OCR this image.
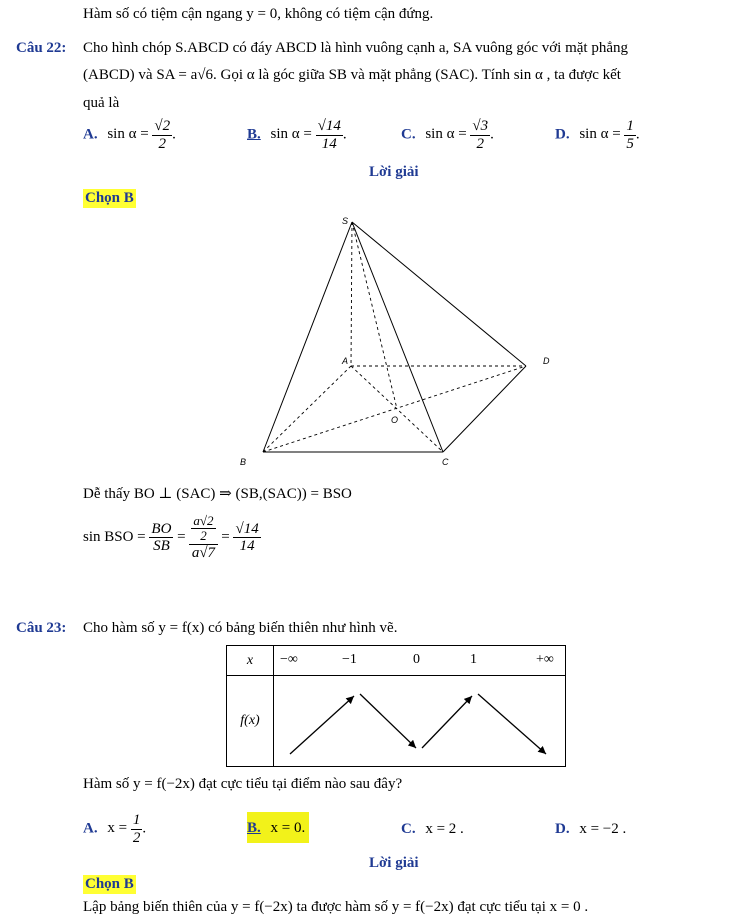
Hàm số có tiệm cận ngang y = 0, không có tiệm cận đứng.
Câu 22: Cho hình chóp S.ABCD có đáy ABCD là hình vuông cạnh a, SA vuông góc với mặt phẳng
(ABCD) và SA = a√6. Gọi α là góc giữa SB và mặt phẳng (SAC). Tính sin α , ta được kết
quả là
A. $\sin \alpha = \frac{√2}{2}$ .	B. $\sin \alpha = \frac{√14}{14}$ .	C. $\sin \alpha = \frac{√3}{2}$ .	D. $\sin \alpha = \frac{1}{5}$ .
Lời giải
Chọn B
S
A	D
O
B	C
Dễ thấy BO ⊥ (SAC) ⇒ (SB,(SAC)) = BSO
sin BSO = $\frac{BO}{SB} = \frac{\frac{a√2}{2}}{a√7} = \frac{√14}{14}$
Câu 23: Cho hàm số y = f(x) có bảng biến thiên như hình vẽ.
x	−∞ −1 0 1 +∞

f(x)	
Hàm số y = f(−2x) đạt cực tiểu tại điểm nào sau đây?
A. $x = \frac{1}{2}$ .	B. x = 0.	C. x = 2 .	D. x = −2 .
Lời giải
Chọn B
Lập bảng biến thiên của y = f(−2x) ta được hàm số y = f(−2x) đạt cực tiểu tại x = 0 .
